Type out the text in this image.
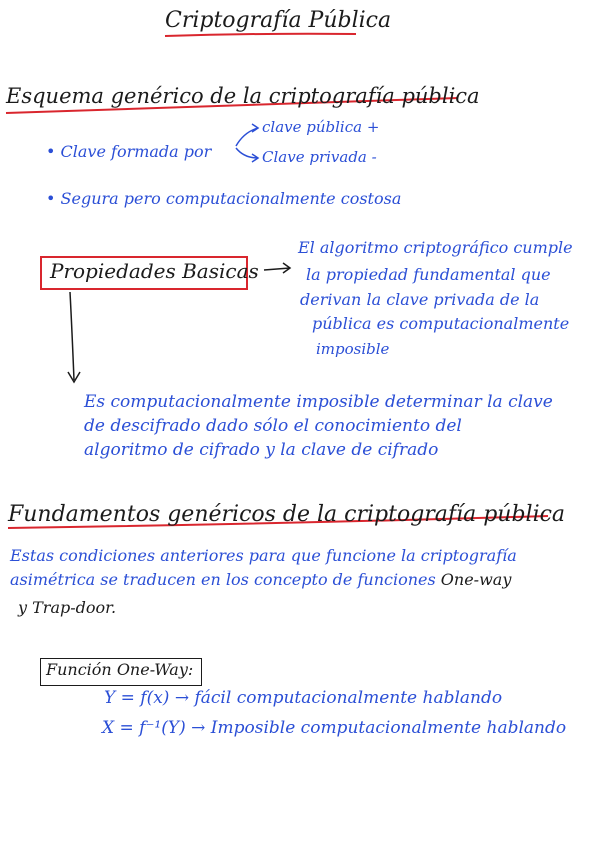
Criptografía Pública
Esquema genérico de la criptografía pública
• Clave formada por
clave pública +
Clave privada -
• Segura pero computacionalmente costosa
Propiedades Basicas
El algoritmo criptográfico cumple
la propiedad fundamental que
derivan la clave privada de la
pública es computacionalmente
imposible
Es computacionalmente imposible determinar la clave
de descifrado dado sólo el conocimiento del
algoritmo de cifrado y la clave de cifrado
Fundamentos genéricos de la criptografía pública
Estas condiciones anteriores para que funcione la criptografía
asimétrica se traducen en los concepto de funciones One-way
y Trap-door.
Función One-Way:
Y = f(x) → fácil computacionalmente hablando
X = f⁻¹(Y) → Imposible computacionalmente hablando
